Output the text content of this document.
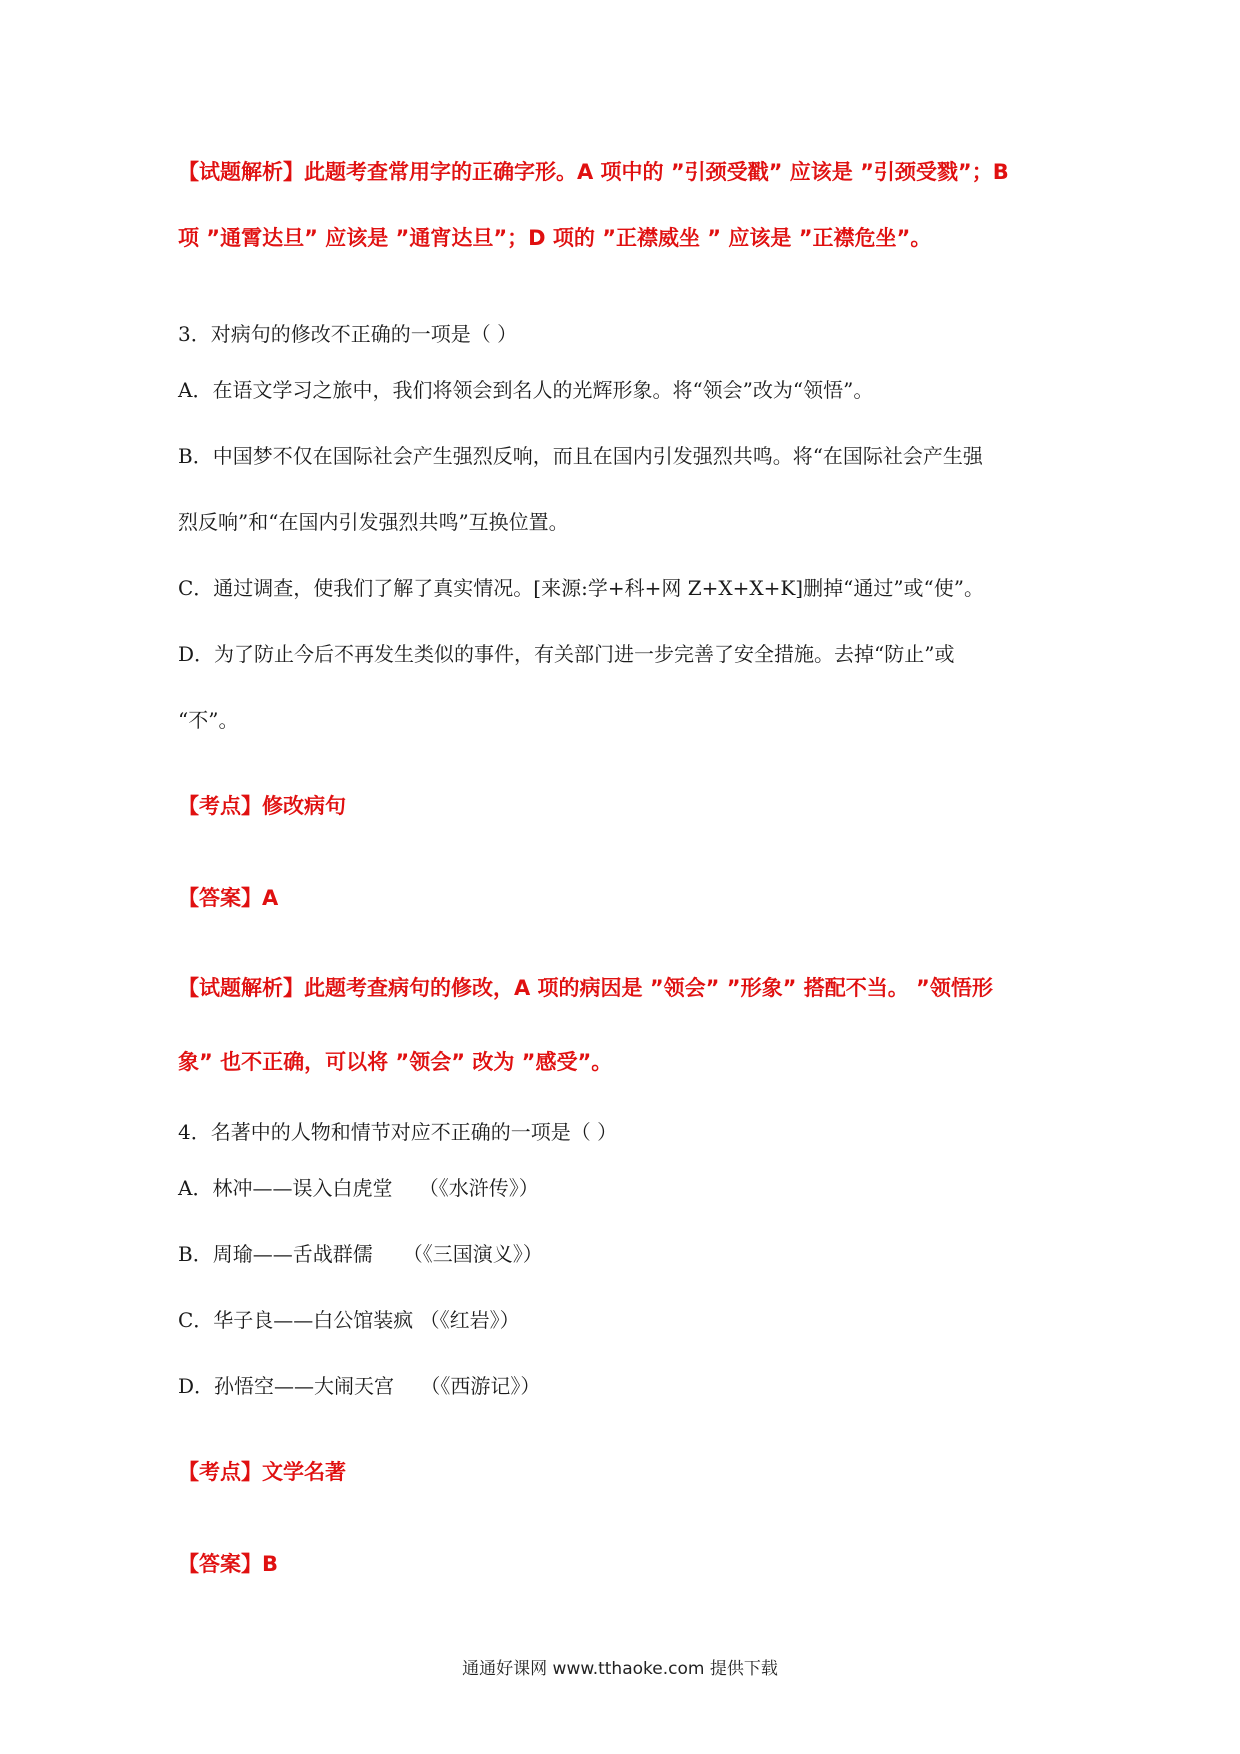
【试题解析】此题考查常用字的正确字形。A 项中的 ”引颈受戳” 应该是 ”引颈受戮”；B
项 ”通霄达旦” 应该是 ”通宵达旦”；D 项的 ”正襟威坐 ” 应该是 ”正襟危坐”。
3．对病句的修改不正确的一项是（ ）
A．在语文学习之旅中，我们将领会到名人的光辉形象。将“领会”改为“领悟”。
B．中国梦不仅在国际社会产生强烈反响，而且在国内引发强烈共鸣。将“在国际社会产生强
烈反响”和“在国内引发强烈共鸣”互换位置。
C．通过调查，使我们了解了真实情况。[来源:学+科+网 Z+X+X+K]删掉“通过”或“使”。
D．为了防止今后不再发生类似的事件，有关部门进一步完善了安全措施。去掉“防止”或
“不”。
【考点】修改病句
【答案】A
【试题解析】此题考查病句的修改，A 项的病因是 ”领会” ”形象” 搭配不当。 ”领悟形
象” 也不正确，可以将 ”领会” 改为 ”感受”。
4．名著中的人物和情节对应不正确的一项是（ ）
A．林冲——误入白虎堂　 （《水浒传》）
B．周瑜——舌战群儒　　（《三国演义》）
C．华子良——白公馆装疯 （《红岩》）
D．孙悟空——大闹天宫　 （《西游记》）
【考点】文学名著
【答案】B
通通好课网 www.tthaoke.com 提供下载
